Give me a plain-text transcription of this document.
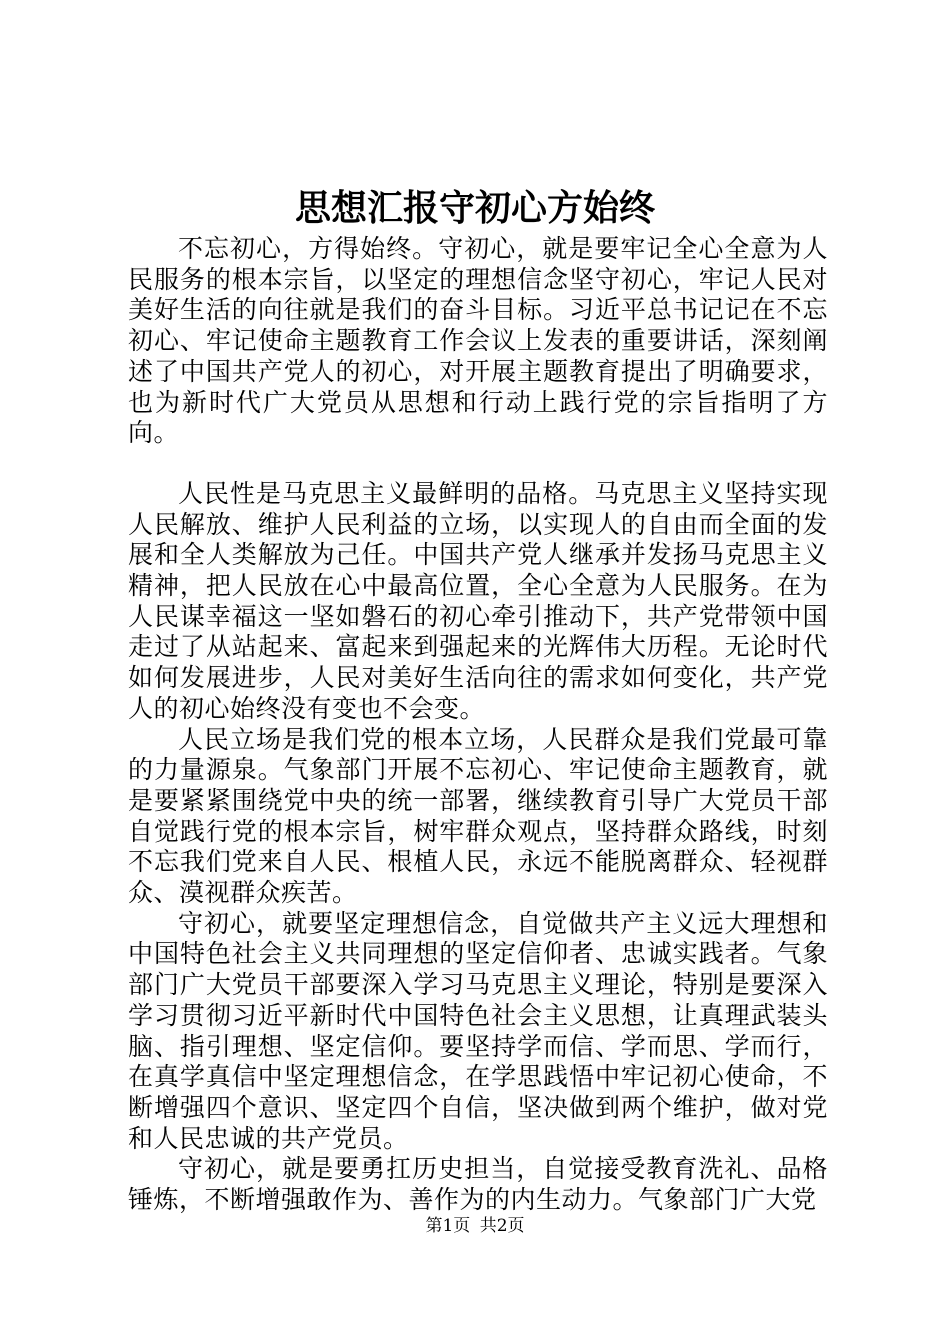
思想汇报守初心方始终

不忘初心，方得始终。守初心，就是要牢记全心全意为人民服务的根本宗旨，以坚定的理想信念坚守初心，牢记人民对美好生活的向往就是我们的奋斗目标。习近平总书记记在不忘初心、牢记使命主题教育工作会议上发表的重要讲话，深刻阐述了中国共产党人的初心，对开展主题教育提出了明确要求，也为新时代广大党员从思想和行动上践行党的宗旨指明了方向。

人民性是马克思主义最鲜明的品格。马克思主义坚持实现人民解放、维护人民利益的立场，以实现人的自由而全面的发展和全人类解放为己任。中国共产党人继承并发扬马克思主义精神，把人民放在心中最高位置，全心全意为人民服务。在为人民谋幸福这一坚如磐石的初心牵引推动下，共产党带领中国走过了从站起来、富起来到强起来的光辉伟大历程。无论时代如何发展进步，人民对美好生活向往的需求如何变化，共产党人的初心始终没有变也不会变。

人民立场是我们党的根本立场，人民群众是我们党最可靠的力量源泉。气象部门开展不忘初心、牢记使命主题教育，就是要紧紧围绕党中央的统一部署，继续教育引导广大党员干部自觉践行党的根本宗旨，树牢群众观点，坚持群众路线，时刻不忘我们党来自人民、根植人民，永远不能脱离群众、轻视群众、漠视群众疾苦。

守初心，就要坚定理想信念，自觉做共产主义远大理想和中国特色社会主义共同理想的坚定信仰者、忠诚实践者。气象部门广大党员干部要深入学习马克思主义理论，特别是要深入学习贯彻习近平新时代中国特色社会主义思想，让真理武装头脑、指引理想、坚定信仰。要坚持学而信、学而思、学而行，在真学真信中坚定理想信念，在学思践悟中牢记初心使命，不断增强四个意识、坚定四个自信，坚决做到两个维护，做对党和人民忠诚的共产党员。

守初心，就是要勇扛历史担当，自觉接受教育洗礼、品格锤炼，不断增强敢作为、善作为的内生动力。气象部门广大党

第1页 共2页
